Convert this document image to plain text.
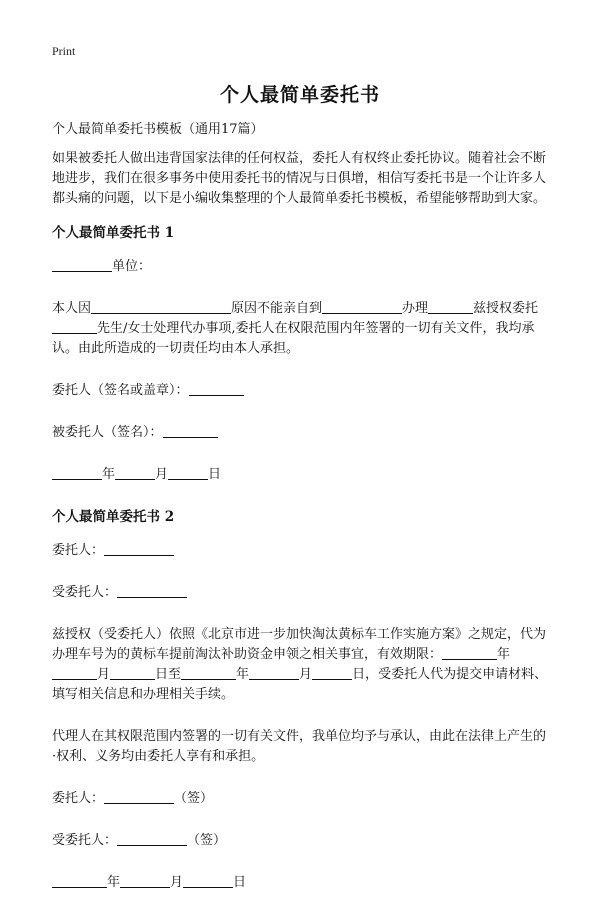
Print
个人最简单委托书

个人最简单委托书模板（通用17篇）

如果被委托人做出违背国家法律的任何权益，委托人有权终止委托协议。随着社会不断地进步，我们在很多事务中使用委托书的情况与日俱增，相信写委托书是一个让许多人都头痛的问题，以下是小编收集整理的个人最简单委托书模板，希望能够帮助到大家。

个人最简单委托书 1

单位：

本人因	原因不能亲自到	办理	兹授权委托先生/女士处理代办事项,委托人在权限范围内年签署的一切有关文件，我均承认。由此所造成的一切责任均由本人承担。

委托人（签名或盖章）：

被委托人（签名）：

年	月	日

个人最简单委托书 2

委托人：

受委托人：

兹授权（受委托人）依照《北京市进一步加快淘汰黄标车工作实施方案》之规定，代为办理车号为的黄标车提前淘汰补助资金申领之相关事宜，有效期限：	年月	日至	年	月	日，受委托人代为提交申请材料、填写相关信息和办理相关手续。

代理人在其权限范围内签署的一切有关文件，我单位均予与承认，由此在法律上产生的·权利、义务均由委托人享有和承担。

委托人：	（签）

受委托人：	（签）

年	月	日
